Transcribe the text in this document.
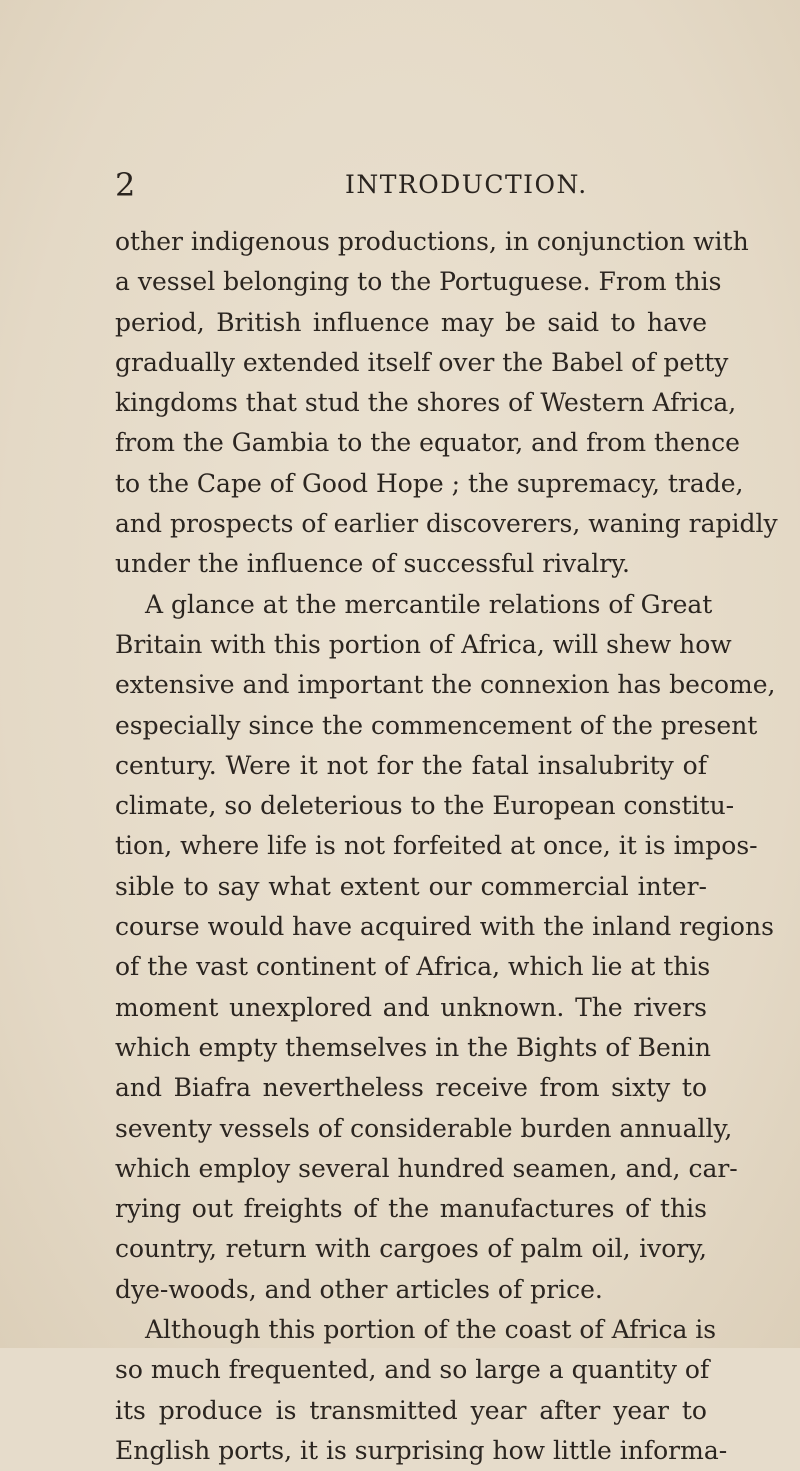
2	INTRODUCTION.
other indigenous productions, in conjunction with
a vessel belonging to the Portuguese. From this
period, British influence may be said to have
gradually extended itself over the Babel of petty
kingdoms that stud the shores of Western Africa,
from the Gambia to the equator, and from thence
to the Cape of Good Hope ; the supremacy, trade,
and prospects of earlier discoverers, waning rapidly
under the influence of successful rivalry.
A glance at the mercantile relations of Great
Britain with this portion of Africa, will shew how
extensive and important the connexion has become,
especially since the commencement of the present
century. Were it not for the fatal insalubrity of
climate, so deleterious to the European constitu-
tion, where life is not forfeited at once, it is impos-
sible to say what extent our commercial inter-
course would have acquired with the inland regions
of the vast continent of Africa, which lie at this
moment unexplored and unknown. The rivers
which empty themselves in the Bights of Benin
and Biafra nevertheless receive from sixty to
seventy vessels of considerable burden annually,
which employ several hundred seamen, and, car-
rying out freights of the manufactures of this
country, return with cargoes of palm oil, ivory,
dye-woods, and other articles of price.
Although this portion of the coast of Africa is
so much frequented, and so large a quantity of
its produce is transmitted year after year to
English ports, it is surprising how little informa-
